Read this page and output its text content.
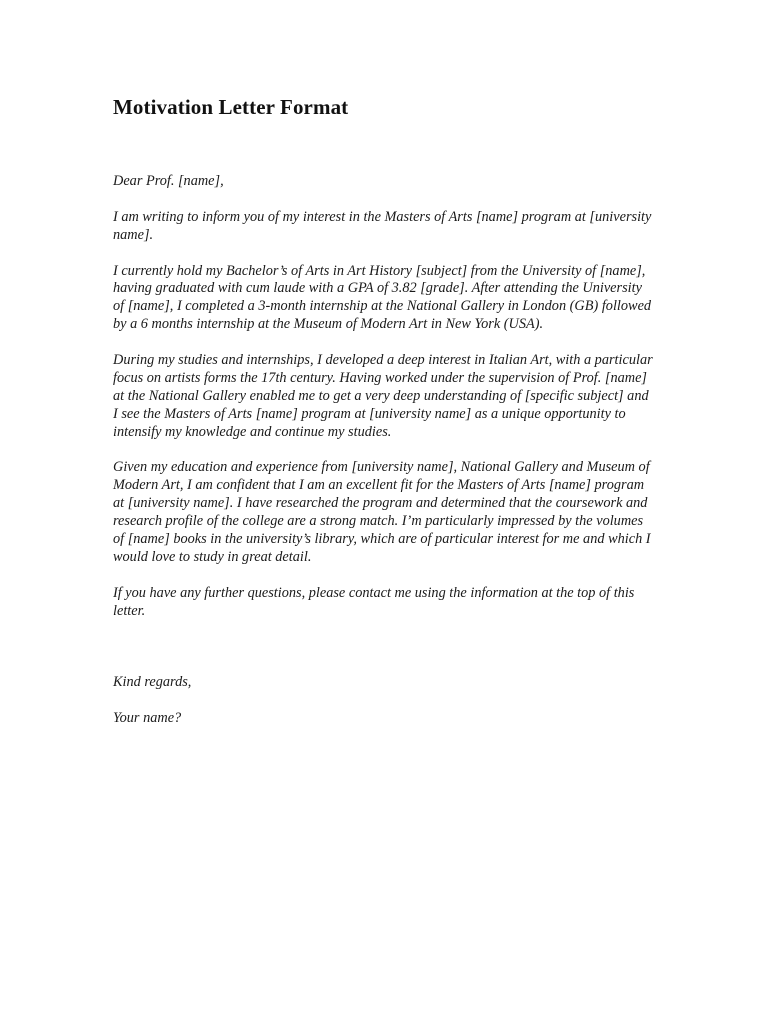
Motivation Letter Format

Dear Prof. [name],

I am writing to inform you of my interest in the Masters of Arts [name] program at [university name].

I currently hold my Bachelor’s of Arts in Art History [subject] from the University of [name], having graduated with cum laude with a GPA of 3.82 [grade]. After attending the University of [name], I completed a 3-month internship at the National Gallery in London (GB) followed by a 6 months internship at the Museum of Modern Art in New York (USA).

During my studies and internships, I developed a deep interest in Italian Art, with a particular focus on artists forms the 17th century. Having worked under the supervision of Prof. [name] at the National Gallery enabled me to get a very deep understanding of [specific subject] and I see the Masters of Arts [name] program at [university name] as a unique opportunity to intensify my knowledge and continue my studies.

Given my education and experience from [university name], National Gallery and Museum of Modern Art, I am confident that I am an excellent fit for the Masters of Arts [name] program at [university name]. I have researched the program and determined that the coursework and research profile of the college are a strong match. I’m particularly impressed by the volumes of [name] books in the university’s library, which are of particular interest for me and which I would love to study in great detail.

If you have any further questions, please contact me using the information at the top of this letter.

Kind regards,

Your name?
